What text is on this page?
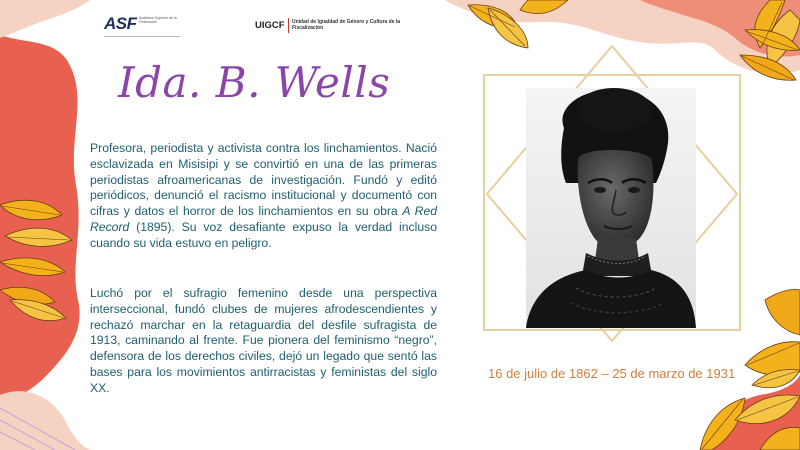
ASF Auditoría Superior de la Federación	UIGCF Unidad de Igualdad de Género y Cultura de la Fiscalización
Ida. B. Wells

Profesora, periodista y activista contra los linchamientos. Nació esclavizada en Misisipi y se convirtió en una de las primeras periodistas afroamericanas de investigación. Fundó y editó periódicos, denunció el racismo institucional y documentó con cifras y datos el horror de los linchamientos en su obra A Red Record (1895). Su voz desafiante expuso la verdad incluso cuando su vida estuvo en peligro.

Luchó por el sufragio femenino desde una perspectiva interseccional, fundó clubes de mujeres afrodescendientes y rechazó marchar en la retaguardia del desfile sufragista de 1913, caminando al frente. Fue pionera del feminismo “negro”, defensora de los derechos civiles, dejó un legado que sentó las bases para los movimientos antirracistas y feministas del siglo XX.

16 de julio de 1862 – 25 de marzo de 1931
